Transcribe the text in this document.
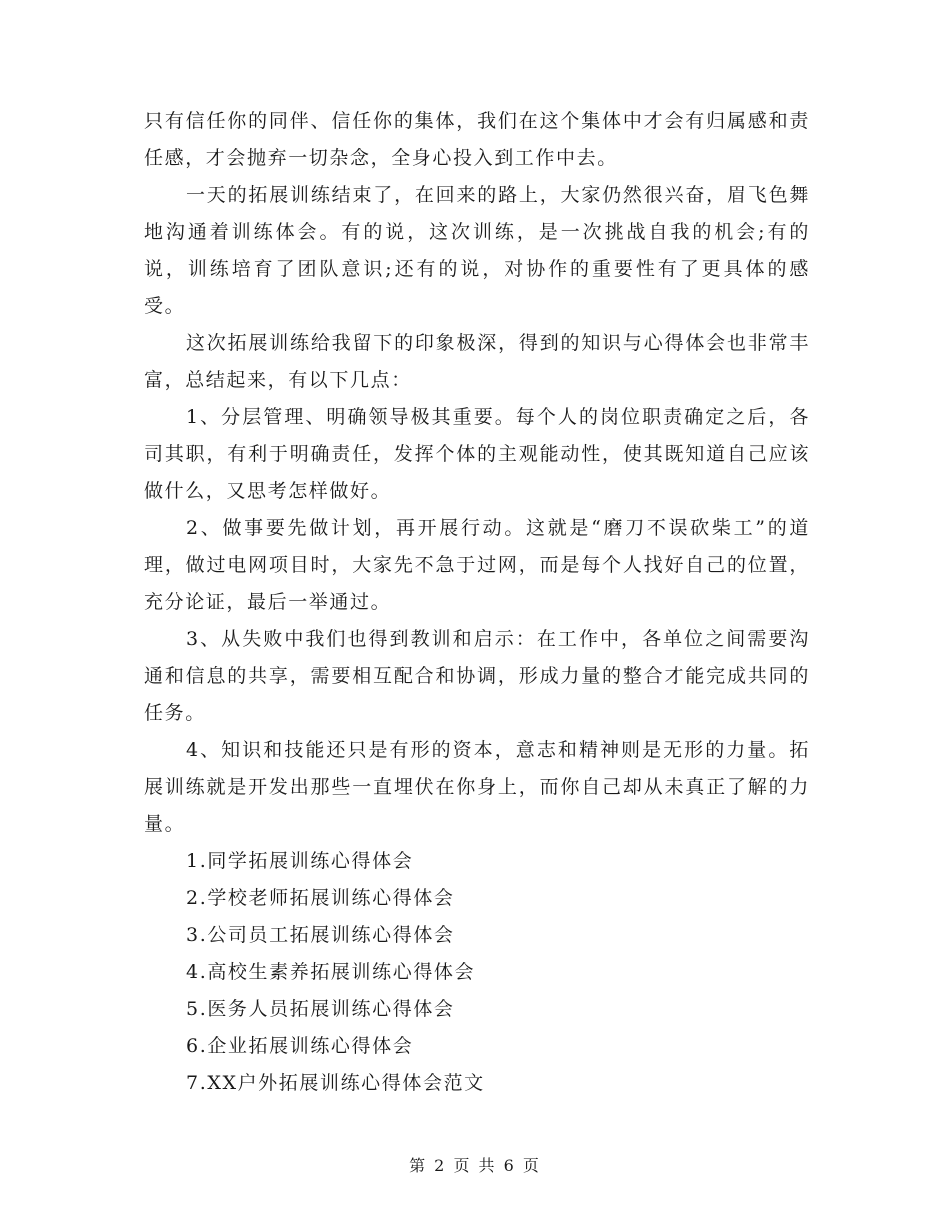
只有信任你的同伴、信任你的集体，我们在这个集体中才会有归属感和责任感，才会抛弃一切杂念，全身心投入到工作中去。

一天的拓展训练结束了，在回来的路上，大家仍然很兴奋，眉飞色舞地沟通着训练体会。有的说，这次训练，是一次挑战自我的机会;有的说，训练培育了团队意识;还有的说，对协作的重要性有了更具体的感受。

这次拓展训练给我留下的印象极深，得到的知识与心得体会也非常丰富，总结起来，有以下几点：

1、分层管理、明确领导极其重要。每个人的岗位职责确定之后，各司其职，有利于明确责任，发挥个体的主观能动性，使其既知道自己应该做什么，又思考怎样做好。

2、做事要先做计划，再开展行动。这就是“磨刀不误砍柴工”的道理，做过电网项目时，大家先不急于过网，而是每个人找好自己的位置，充分论证，最后一举通过。

3、从失败中我们也得到教训和启示：在工作中，各单位之间需要沟通和信息的共享，需要相互配合和协调，形成力量的整合才能完成共同的任务。

4、知识和技能还只是有形的资本，意志和精神则是无形的力量。拓展训练就是开发出那些一直埋伏在你身上，而你自己却从未真正了解的力量。

1.同学拓展训练心得体会
2.学校老师拓展训练心得体会
3.公司员工拓展训练心得体会
4.高校生素养拓展训练心得体会
5.医务人员拓展训练心得体会
6.企业拓展训练心得体会
7.XX户外拓展训练心得体会范文
第 2 页 共 6 页
